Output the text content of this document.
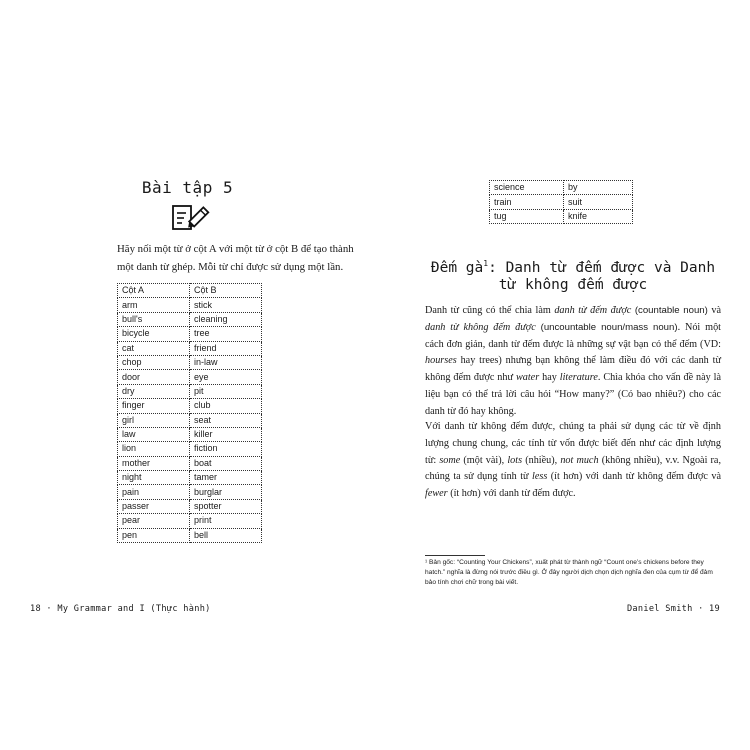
Bài tập 5
Hãy nối một từ ở cột A với một từ ở cột B để tạo thành một danh từ ghép. Mỗi từ chỉ được sử dụng một lần.
Cột A	Cột B
arm	stick
bull's	cleaning
bicycle	tree
cat	friend
chop	in-law
door	eye
dry	pit
finger	club
girl	seat
law	killer
lion	fiction
mother	boat
night	tamer
pain	burglar
passer	spotter
pear	print
pen	bell
18 · My Grammar and I (Thực hành)
science	by
train	suit
tug	knife
Đếm $gà^1$: Danh từ đếm được và Danh từ không đếm được
Danh từ cũng có thể chia làm danh từ đếm được (countable noun) và danh từ không đếm được (uncountable noun/mass noun). Nói một cách đơn giản, danh từ đếm được là những sự vật bạn có thể đếm (VD: hourses hay trees) nhưng bạn không thể làm điều đó với các danh từ không đếm được như water hay literature. Chìa khóa cho vấn đề này là liệu bạn có thể trả lời câu hỏi “How many?” (Có bao nhiêu?) cho các danh từ đó hay không.
Với danh từ không đếm được, chúng ta phải sử dụng các từ về định lượng chung chung, các tính từ vốn được biết đến như các định lượng từ: some (một vài), lots (nhiều), not much (không nhiều), v.v. Ngoài ra, chúng ta sử dụng tính từ less (ít hơn) với danh từ không đếm được và fewer (ít hơn) với danh từ đếm được.
¹ Bản gốc: “Counting Your Chickens”, xuất phát từ thành ngữ “Count one’s chickens before they hatch.” nghĩa là đừng nói trước điều gì. Ở đây người dịch chọn dịch nghĩa đen của cụm từ để đảm bảo tính chơi chữ trong bài viết.
Daniel Smith · 19
